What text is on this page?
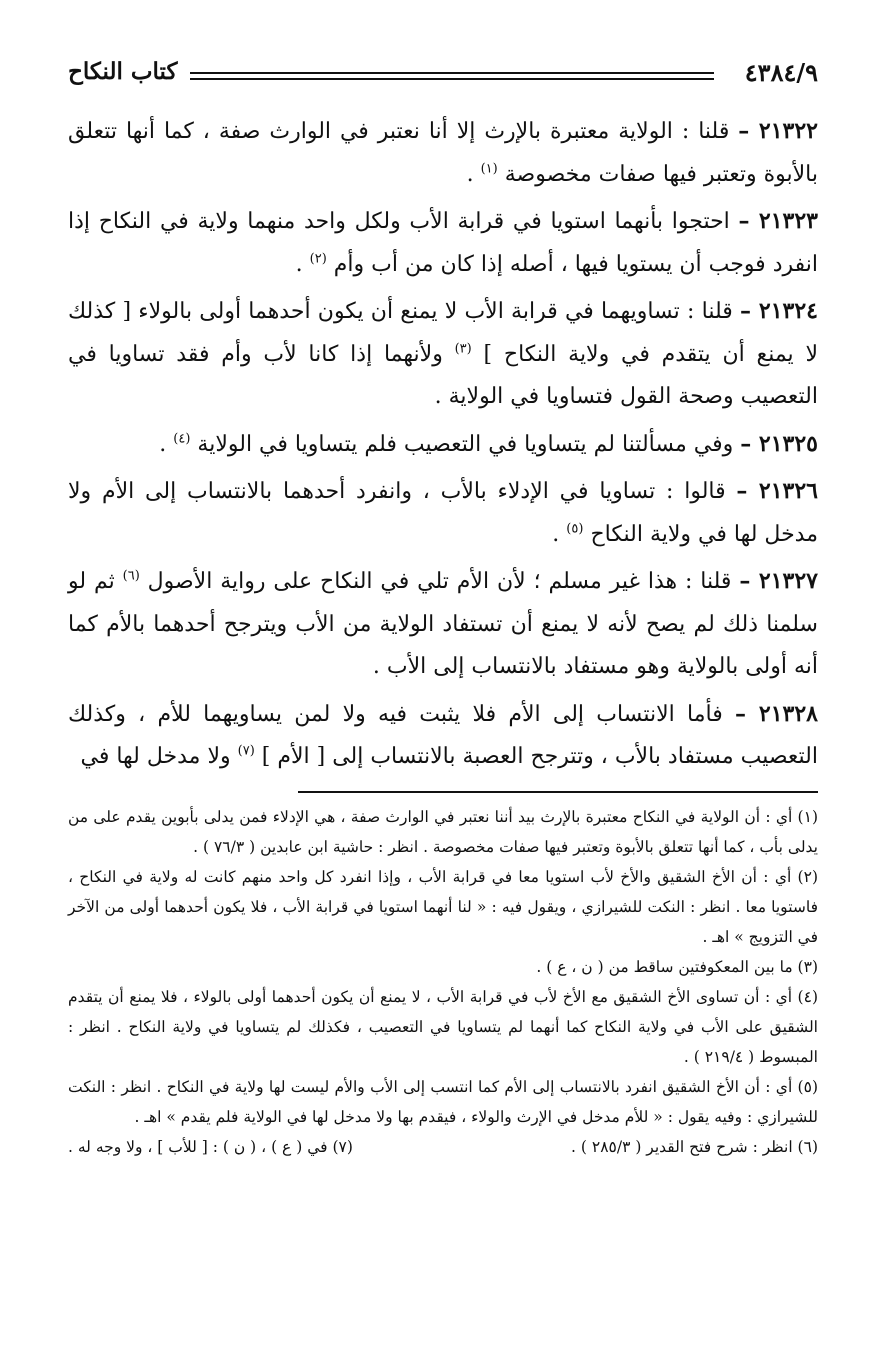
٤٣٨٤/٩
كتاب النكاح

٢١٣٢٢ – قلنا : الولاية معتبرة بالإرث إلا أنا نعتبر في الوارث صفة ، كما أنها تتعلق بالأبوة وتعتبر فيها صفات مخصوصة $^{(١)}$ .

٢١٣٢٣ – احتجوا بأنهما استويا في قرابة الأب ولكل واحد منهما ولاية في النكاح إذا انفرد فوجب أن يستويا فيها ، أصله إذا كان من أب وأم $^{(٢)}$ .

٢١٣٢٤ – قلنا : تساويهما في قرابة الأب لا يمنع أن يكون أحدهما أولى بالولاء [ كذلك لا يمنع أن يتقدم في ولاية النكاح ] $^{(٣)}$ ولأنهما إذا كانا لأب وأم فقد تساويا في التعصيب وصحة القول فتساويا في الولاية .

٢١٣٢٥ – وفي مسألتنا لم يتساويا في التعصيب فلم يتساويا في الولاية $^{(٤)}$ .

٢١٣٢٦ – قالوا : تساويا في الإدلاء بالأب ، وانفرد أحدهما بالانتساب إلى الأم ولا مدخل لها في ولاية النكاح $^{(٥)}$ .

٢١٣٢٧ – قلنا : هذا غير مسلم ؛ لأن الأم تلي في النكاح على رواية الأصول $^{(٦)}$ ثم لو سلمنا ذلك لم يصح لأنه لا يمنع أن تستفاد الولاية من الأب ويترجح أحدهما بالأم كما أنه أولى بالولاية وهو مستفاد بالانتساب إلى الأب .

٢١٣٢٨ – فأما الانتساب إلى الأم فلا يثبت فيه ولا لمن يساويهما للأم ، وكذلك التعصيب مستفاد بالأب ، وتترجح العصبة بالانتساب إلى [ الأم ] $^{(٧)}$ ولا مدخل لها في

(١) أي : أن الولاية في النكاح معتبرة بالإرث بيد أننا نعتبر في الوارث صفة ، هي الإدلاء فمن يدلى بأبوين يقدم على من يدلى بأب ، كما أنها تتعلق بالأبوة وتعتبر فيها صفات مخصوصة . انظر : حاشية ابن عابدين ( ٧٦/٣ ) .

(٢) أي : أن الأخ الشقيق والأخ لأب استويا معا في قرابة الأب ، وإذا انفرد كل واحد منهم كانت له ولاية في النكاح ، فاستويا معا . انظر : النكت للشيرازي ، ويقول فيه : « لنا أنهما استويا في قرابة الأب ، فلا يكون أحدهما أولى من الآخر في التزويج » اهـ .

(٣) ما بين المعكوفتين ساقط من ( ن ، ع ) .

(٤) أي : أن تساوى الأخ الشقيق مع الأخ لأب في قرابة الأب ، لا يمنع أن يكون أحدهما أولى بالولاء ، فلا يمنع أن يتقدم الشقيق على الأب في ولاية النكاح كما أنهما لم يتساويا في التعصيب ، فكذلك لم يتساويا في ولاية النكاح . انظر : المبسوط ( ٢١٩/٤ ) .

(٥) أي : أن الأخ الشقيق انفرد بالانتساب إلى الأم كما انتسب إلى الأب والأم ليست لها ولاية في النكاح . انظر : النكت للشيرازي : وفيه يقول : « للأم مدخل في الإرث والولاء ، فيقدم بها ولا مدخل لها في الولاية فلم يقدم » اهـ .

(٦) انظر : شرح فتح القدير ( ٢٨٥/٣ ) .
(٧) في ( ع ) ، ( ن ) : [ للأب ] ، ولا وجه له .
